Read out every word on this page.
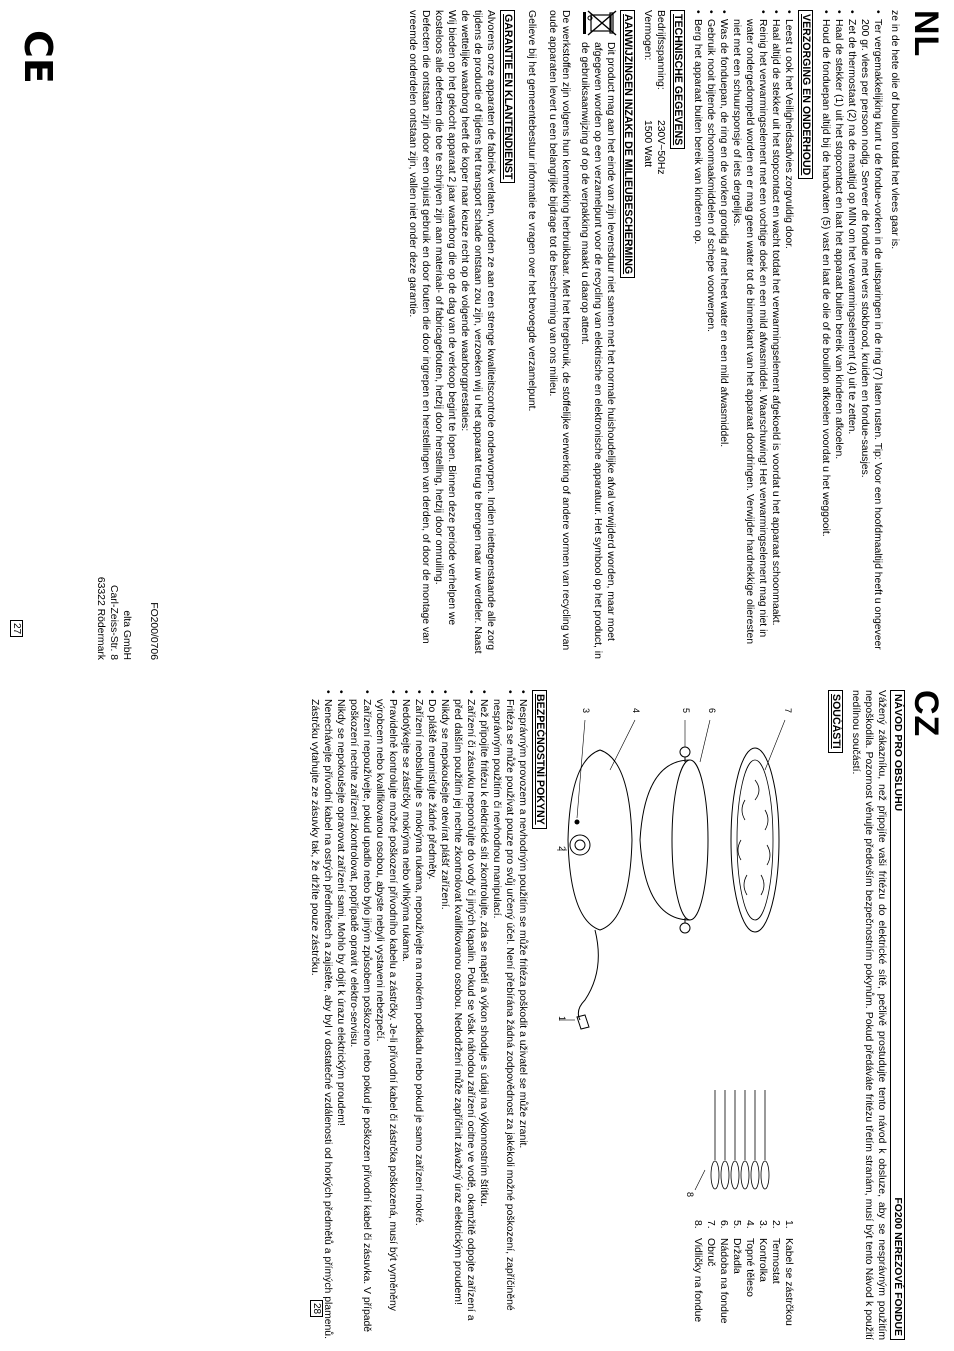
NL

ze in de hete olie of bouillon totdat het vlees gaar is.

• Ter vergemakkelijking kunt u de fondue-vorken in de uitsparingen in de ring (7) laten rusten. Tip: Voor een hoofdmaaltijd heeft u ongeveer 200 gr. vlees per persoon nodig. Serveer de fondue met vers stokbrood, kruiden en fondue-sausjes.
• Zet de thermostaat (2) na de maaltijd op MIN om het verwarmingselement (4) uit te zetten.
• Haal de stekker (1) uit het stopcontact en laat het apparaat buiten bereik van kinderen afkoelen.
• Houd de fonduepan altijd bij de handvaten (5) vast en laat de olie of de bouillon afkoelen voordat u het weggooit.
VERZORGING EN ONDERHOUD
• Leest u ook het Veiligheidsadvies zorgvuldig door.
• Haal altijd de stekker uit het stopcontact en wacht totdat het verwarmingselement afgekoeld is voordat u het apparaat schoonmaakt.
• Reinig het verwarmingselement met een vochtige doek en een mild afwasmiddel. Waarschuwing! Het verwarmingselement mag niet in water ondergedompeld worden en er mag geen water tot de binnenkant van het apparaat doordringen. Verwijder hardnekkige olieresten niet met een schuursponsje of iets dergelijks.
• Was de fonduepan, de ring en de vorken grondig af met heet water en een mild afwasmiddel.
• Gebruik nooit bijtende schoonmaakmiddelen of schepe voorwerpen.
• Berg het apparaat buiten bereik van kinderen op.
TECHNISCHE GEGEVENS
Bedrijfsspanning:
230V~50Hz
Vermogen:
1500 Watt
AANWIJZINGEN INZAKE DE MILIEUBESCHERMING
Dit product mag aan het einde van zijn levensduur niet samen met het normale huishoudelijke afval verwijderd worden, maar moet afgegeven worden op een verzamelpunt voor de recycling van elektrische en elektronische apparatuur. Het symbool op het product, in de gebruiksaanwijzing of op de verpakking maakt u daarop attent.

De werkstoffen zijn volgens hun kenmerking herbruikbaar. Met het hergebruik, de stoffelijke verwerking of andere vormen van recycling van oude apparaten levert u een belangrijke bijdrage tot de bescherming van ons milieu.

Gelieve bij het gemeentebestuur informatie te vragen over het bevoegde verzamelpunt.

GARANTIE EN KLANTENDIENST

Alvorens onze apparaten de fabriek verlaten, worden ze aan een strenge kwaliteitscontrole onderworpen. Indien niettegenstaande alle zorg tijdens de productie of tijdens het transport schade ontstaan zou zijn, verzoeken wij u het apparaat terug te brengen naar uw verdeler. Naast de wettelijke waarborg heeft de koper naar keuze recht op de volgende waarborgprestaties:

Wij bieden op het gekocht apparaat 2 jaar waarborg die op de dag van de verkoop begint te lopen. Binnen deze periode verhelpen we kosteloos alle defecten die toe te schrijven zijn aan materiaal- of fabricagefouten, hetzij door herstelling, hetzij door omruiling.

Defecten die ontstaan zijn door een onjuist gebruik en door fouten die door ingrepen en herstellingen van derden, of door de montage van vreemde onderdelen ontstaan zijn, vallen niet onder deze garantie.

FO200/0706
elta GmbH
Carl-Zeiss-Str. 8
63322 Rödermark
CE
27
CZ
NÁVOD PRO OBSLUHU
FO200 NEREZOVÉ FONDUE

Vážený zákazníku, než připojíte vaši fritézu do elektrické sítě, pečlivě prostudujte tento návod k obsluze, aby se nesprávným použitím nepoškodila. Pozornost věnujte především bezpečnostním pokynům. Pokud předáváte fritézu třetím stranám, musí být tento Návod k použití nedílnou součástí.

SOUČÁSTI
7
6
5
4
3
2
1
8
1.
Kabel se zástrčkou
2.
Termostat
3.
Kontrolka
4.
Topné těleso
5.
Držadla
6.
Nádoba na fondue
7.
Obruč
8.
Vidličky na fondue
BEZPEČNOSTNÍ POKYNY
• Nesprávným provozem a nevhodným použitím se může fritéza poškodit a uživatel se může zranit.
• Fritéza se může používat pouze pro svůj určený účel. Není přebírána žádná zodpovědnost za jakékoli možné poškození, zapříčiněné nesprávným použitím či nevhodnou manipulací.
• Než připojíte fritézu k elektrické síti zkontrolujte, zda se napětí a výkon shoduje s údaji na výkonnostním štítku.
• Zařízení či zásuvku neponořujte do vody či jiných kapalin. Pokud se však náhodou zařízení ocitne ve vodě, okamžitě odpojte zařízení a před dalším použitím jej nechte zkontrolovat kvalifikovanou osobou. Nedodržení může zapříčinit závažný úraz elektrickým proudem!
• Nikdy se nepokoušejte otevírat plášť zařízení.
• Do pláště neumisťujte žádné předměty.
• Zařízení neobsluhujte s mokrýma rukama, nepoužívejte na mokrém podkladu nebo pokud je samo zařízení mokré.
• Nedotýkejte se zástrčky mokrýma nebo vlhkýma rukama.
• Pravidelně kontrolujte možné poškození přívodního kabelu a zástrčky. Je-li přívodní kabel či zástrčka poškozená, musí být vyměněny výrobcem nebo kvalifikovanou osobou, abyste nebyli vystaveni nebezpečí.
• Zařízení nepoužívejte, pokud upadlo nebo bylo jiným způsobem poškozeno nebo pokud je poškozen přívodní kabel či zásuvka. V případě poškození nechte zařízení zkontrolovat, popřípadě opravit v elektro-servisu.
• Nikdy se nepokoušejte opravovat zařízení sami. Mohlo by dojít k úrazu elektrickým proudem!
• Nenechávejte přívodní kabel na ostrých předmětech a zajistěte, aby byl v dostatečné vzdálenosti od horkých předmětů a přímých plamenů. Zástrčku vytahujte ze zásuvky tak, že držíte pouze zástrčku.
28
